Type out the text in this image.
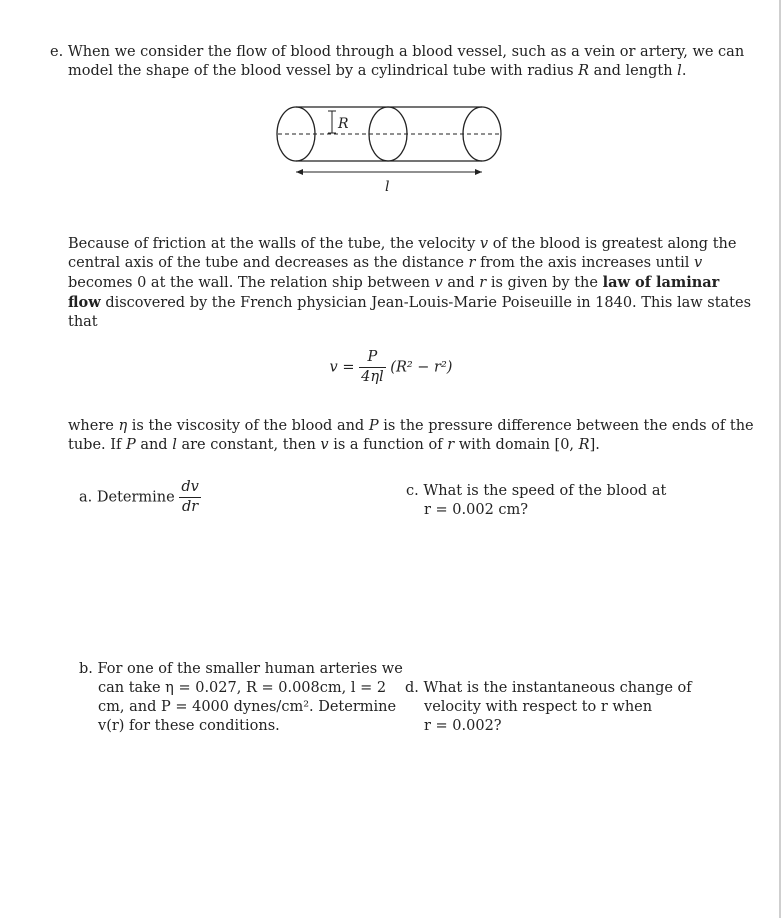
e. When we consider the flow of blood through a blood vessel, such as a vein or artery, we can
model the shape of the blood vessel by a cylindrical tube with radius R and length l.
R
l
Because of friction at the walls of the tube, the velocity v of the blood is greatest along the
central axis of the tube and decreases as the distance r from the axis increases until v
becomes 0 at the wall. The relation ship between v and r is given by the law of laminar
flow discovered by the French physician Jean-Louis-Marie Poiseuille in 1840. This law states
that
$v = \frac{P}{4\eta l} (R^2 - r^2)$
where η is the viscosity of the blood and P is the pressure difference between the ends of the
tube. If P and l are constant, then v is a function of r with domain [0, R].
a. Determine $\frac{dv}{dr}$	c. What is the speed of the blood at
r = 0.002 cm?
b. For one of the smaller human arteries we
can take η = 0.027, R = 0.008cm, l = 2
cm, and P = 4000 dynes/cm². Determine
v(r) for these conditions.
d. What is the instantaneous change of
velocity with respect to r when
r = 0.002?
